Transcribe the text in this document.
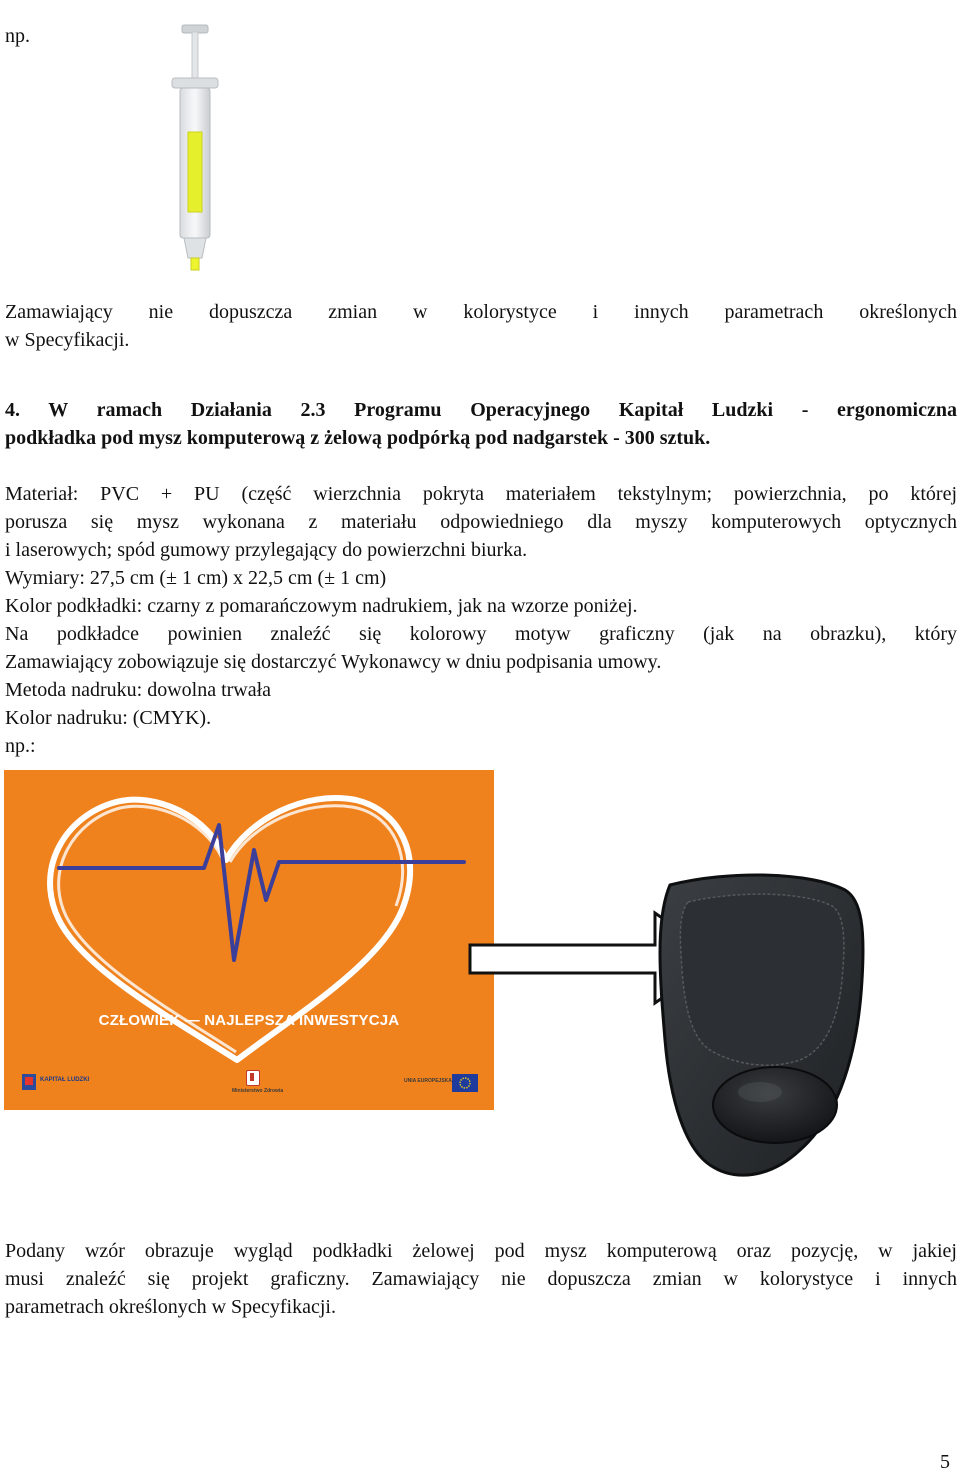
np.
Zamawiający nie dopuszcza zmian w kolorystyce i innych parametrach określonych
w Specyfikacji.
4. W ramach Działania 2.3 Programu Operacyjnego Kapitał Ludzki - ergonomiczna
podkładka pod mysz komputerową z żelową podpórką pod nadgarstek - 300 sztuk.
Materiał: PVC + PU (część wierzchnia pokryta materiałem tekstylnym; powierzchnia, po której
porusza się mysz wykonana z materiału odpowiedniego dla myszy komputerowych optycznych
i laserowych; spód gumowy przylegający do powierzchni biurka.
Wymiary: 27,5 cm (± 1 cm) x 22,5 cm (± 1 cm)
Kolor podkładki: czarny z pomarańczowym nadrukiem, jak na wzorze poniżej.
Na podkładce powinien znaleźć się kolorowy motyw graficzny (jak na obrazku), który
Zamawiający zobowiązuje się dostarczyć Wykonawcy w dniu podpisania umowy.
Metoda nadruku: dowolna trwała
Kolor nadruku: (CMYK).
np.:
CZŁOWIEK — NAJLEPSZA INWESTYCJA
KAPITAŁ LUDZKI
Ministerstwo Zdrowia
UNIA EUROPEJSKA
Podany wzór obrazuje wygląd podkładki żelowej pod mysz komputerową oraz pozycję, w jakiej
musi znaleźć się projekt graficzny. Zamawiający nie dopuszcza zmian w kolorystyce i innych
parametrach określonych w Specyfikacji.
5
